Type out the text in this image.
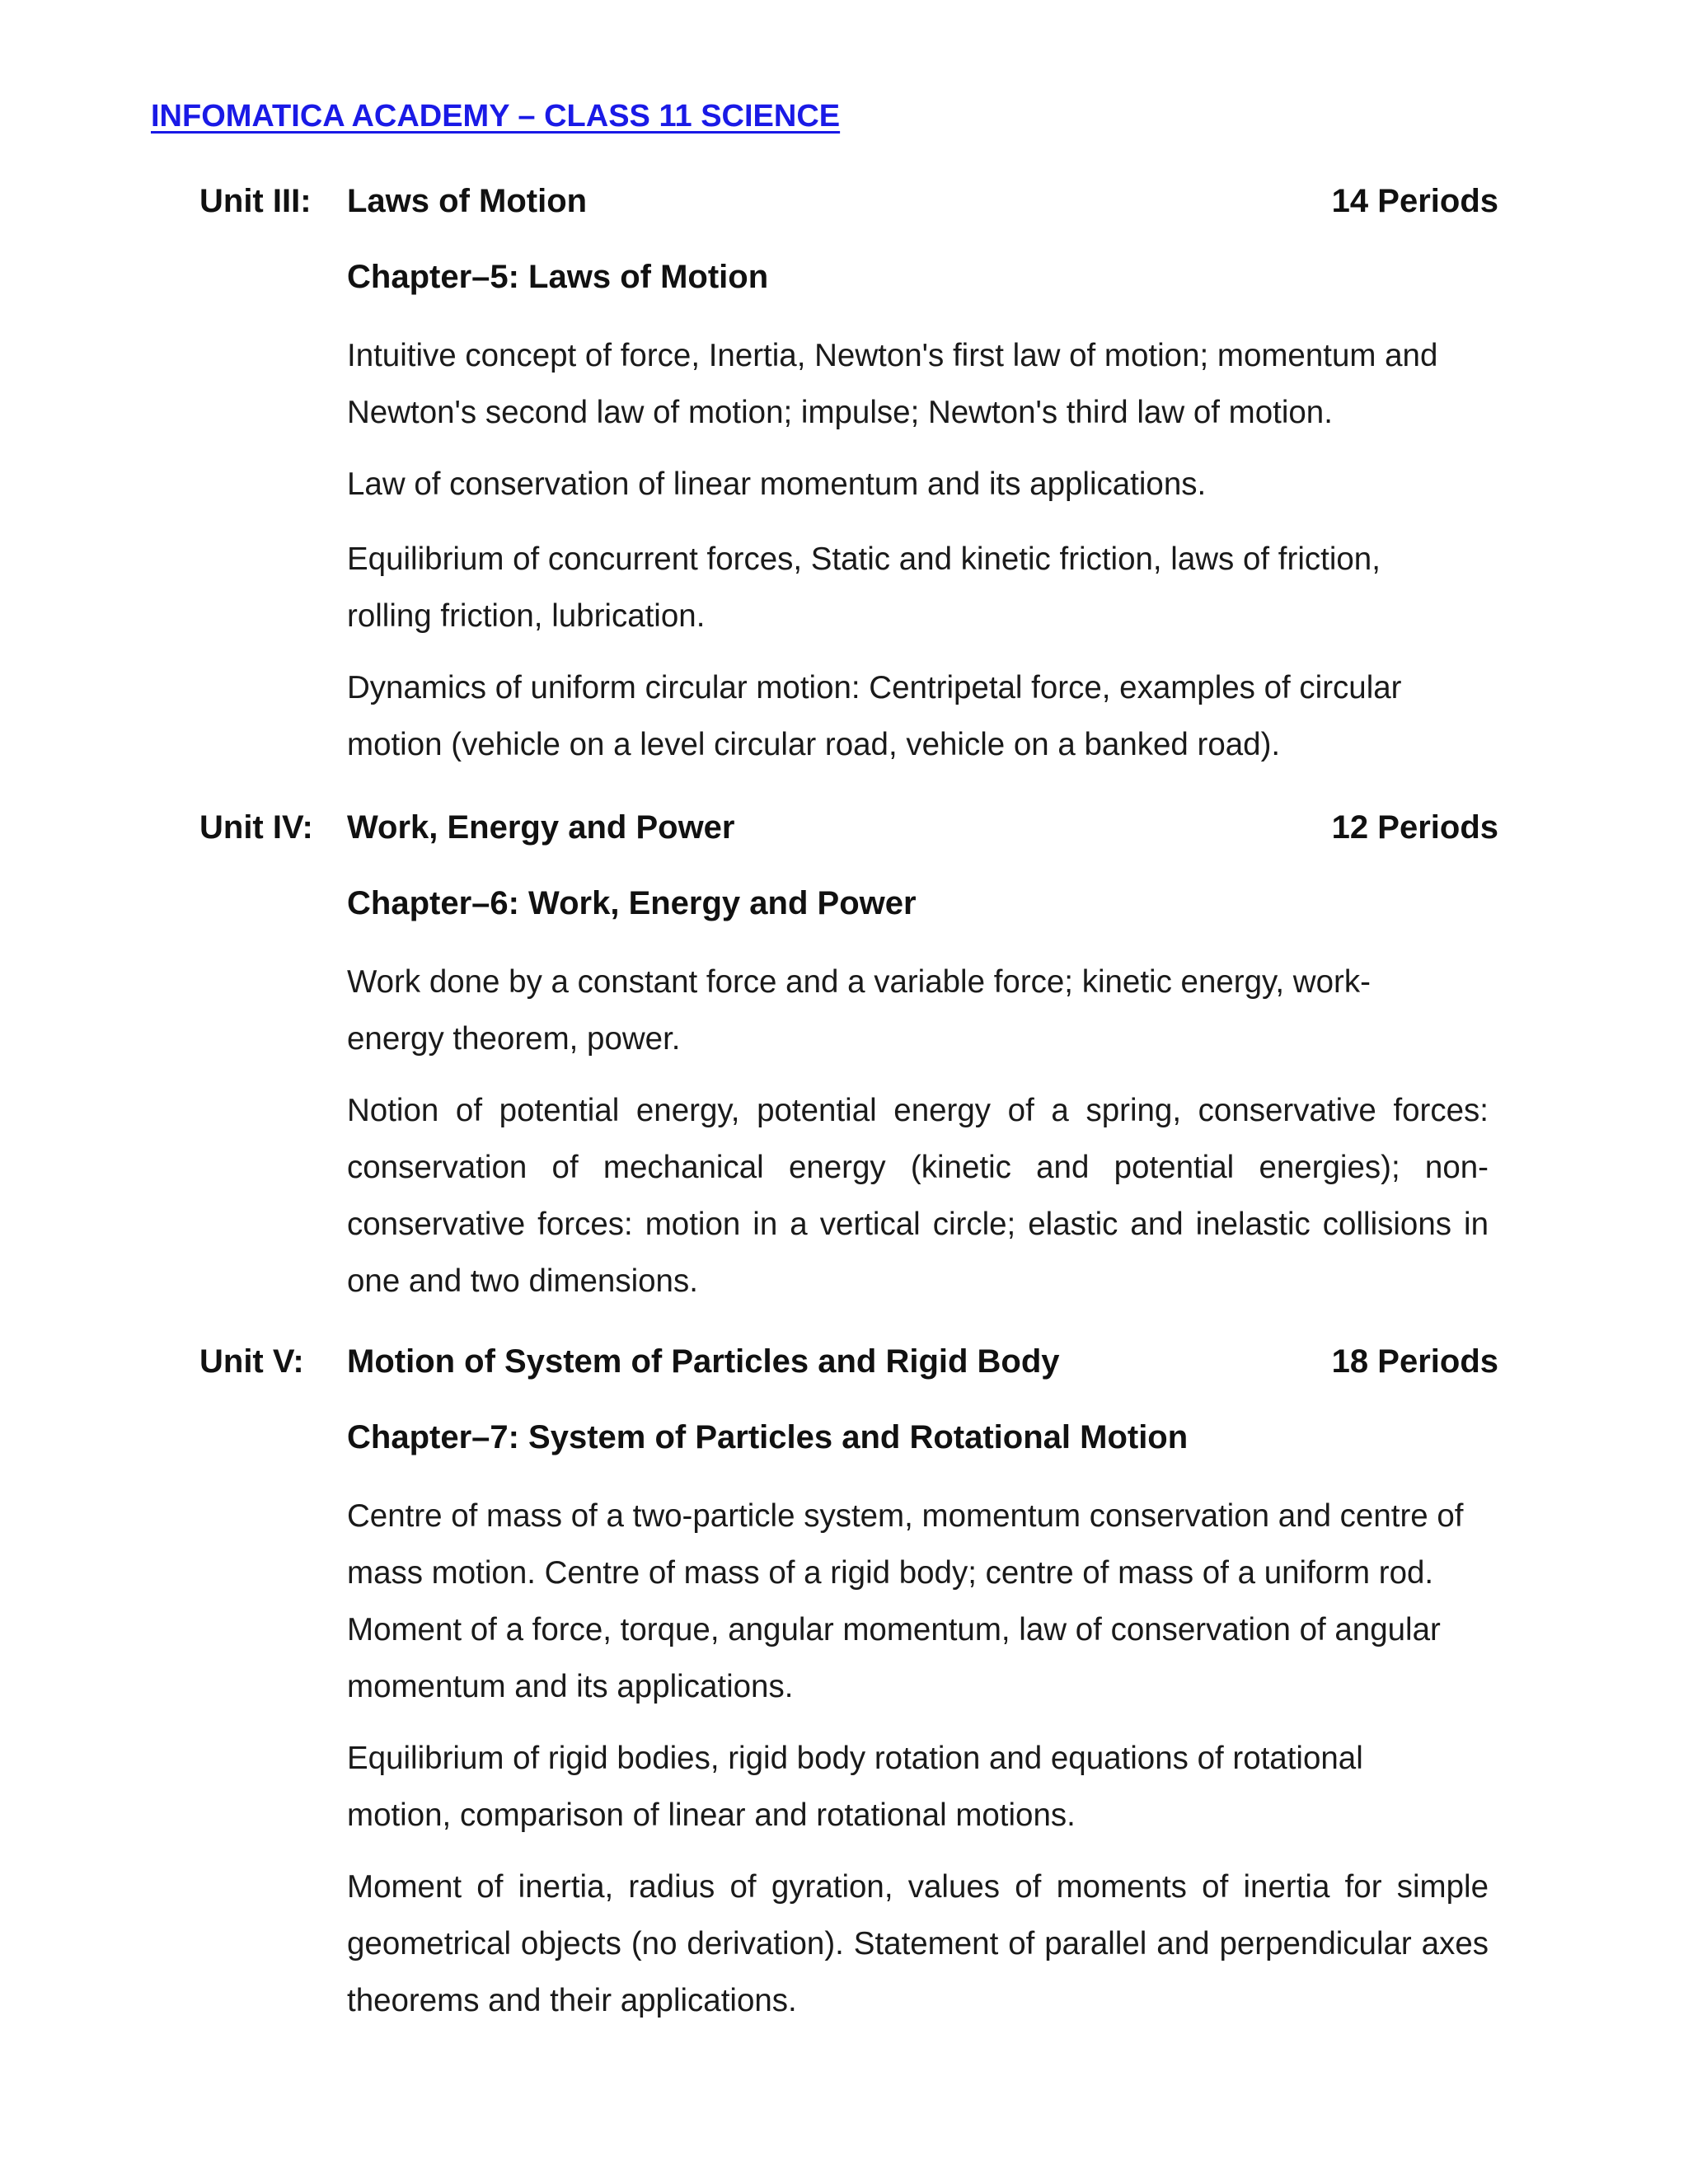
INFOMATICA ACADEMY – CLASS 11 SCIENCE
Unit III: Laws of Motion	14 Periods
Chapter–5: Laws of Motion
Intuitive concept of force, Inertia, Newton's first law of motion; momentum and Newton's second law of motion; impulse; Newton's third law of motion.
Law of conservation of linear momentum and its applications.
Equilibrium of concurrent forces, Static and kinetic friction, laws of friction, rolling friction, lubrication.
Dynamics of uniform circular motion: Centripetal force, examples of circular motion (vehicle on a level circular road, vehicle on a banked road).
Unit IV: Work, Energy and Power	12 Periods
Chapter–6: Work, Energy and Power
Work done by a constant force and a variable force; kinetic energy, work-energy theorem, power.
Notion of potential energy, potential energy of a spring, conservative forces: conservation of mechanical energy (kinetic and potential energies); non-conservative forces: motion in a vertical circle; elastic and inelastic collisions in one and two dimensions.
Unit V: Motion of System of Particles and Rigid Body	18 Periods
Chapter–7: System of Particles and Rotational Motion
Centre of mass of a two-particle system, momentum conservation and centre of mass motion. Centre of mass of a rigid body; centre of mass of a uniform rod. Moment of a force, torque, angular momentum, law of conservation of angular momentum and its applications.
Equilibrium of rigid bodies, rigid body rotation and equations of rotational motion, comparison of linear and rotational motions.
Moment of inertia, radius of gyration, values of moments of inertia for simple geometrical objects (no derivation). Statement of parallel and perpendicular axes theorems and their applications.
